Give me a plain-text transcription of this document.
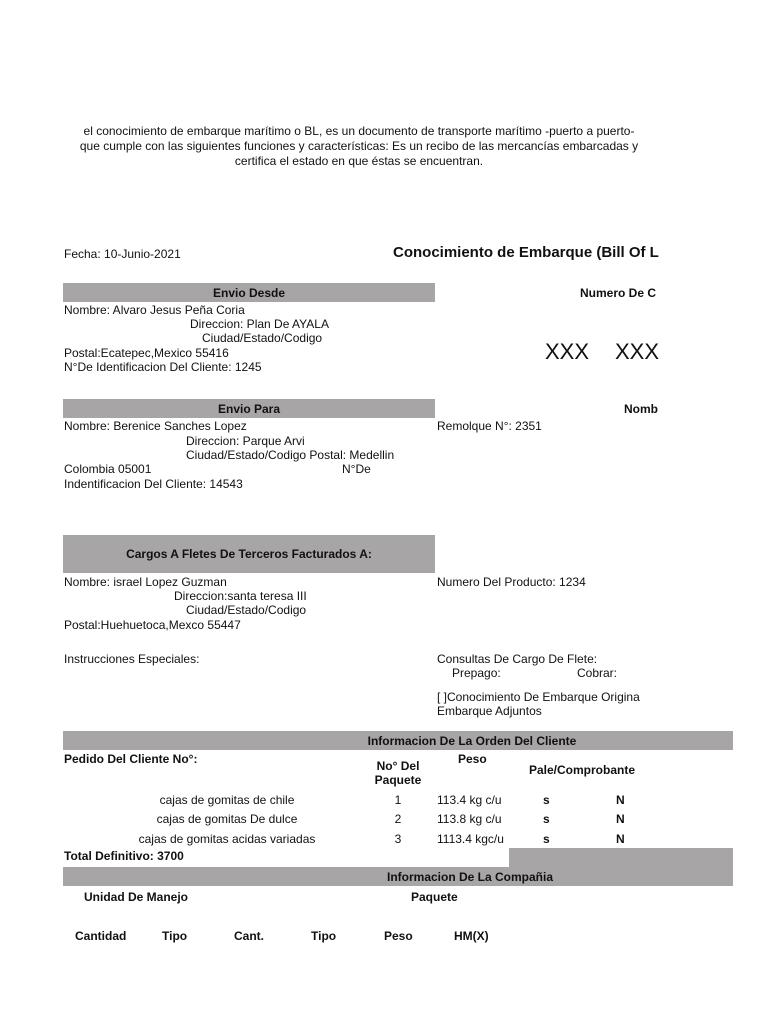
el conocimiento de embarque marítimo o BL, es un documento de transporte marítimo -puerto a puerto-
que cumple con las siguientes funciones y características: Es un recibo de las mercancías embarcadas y
certifica el estado en que éstas se encuentran.
Fecha: 10-Junio-2021	Conocimiento de Embarque (Bill Of L
Envio Desde	Numero De C
Nombre: Alvaro Jesus Peña Coria
Direccion: Plan De AYALA
Ciudad/Estado/Codigo
Postal:Ecatepec,Mexico 55416
N°De Identificacion Del Cliente: 1245
XXX XXX
Envio Para	Nomb
Nombre: Berenice Sanches Lopez	Remolque N°: 2351
Direccion: Parque Arvi
Ciudad/Estado/Codigo Postal: Medellin
Colombia 05001	N°De
Indentificacion Del Cliente: 14543
Cargos A Fletes De Terceros Facturados A:
Nombre: israel Lopez Guzman	Numero Del Producto: 1234
Direccion:santa teresa III
Ciudad/Estado/Codigo
Postal:Huehuetoca,Mexco 55447
Instrucciones Especiales:	Consultas De Cargo De Flete:
Prepago:	Cobrar:
[ ]Conocimiento De Embarque Origina
Embarque Adjuntos
Informacion De La Orden Del Cliente
Pedido Del Cliente No°:	No° Del
Paquete
Peso
Pale/Comprobante
cajas de gomitas de chile	1	113.4 kg c/u	s	N
cajas de gomitas De dulce	2	113.8 kg c/u	s	N
cajas de gomitas acidas variadas	3	1113.4 kgc/u	s	N
Total Definitivo: 3700
Informacion De La Compañia
Unidad De Manejo	Paquete
Cantidad	Tipo	Cant.	Tipo	Peso	HM(X)
